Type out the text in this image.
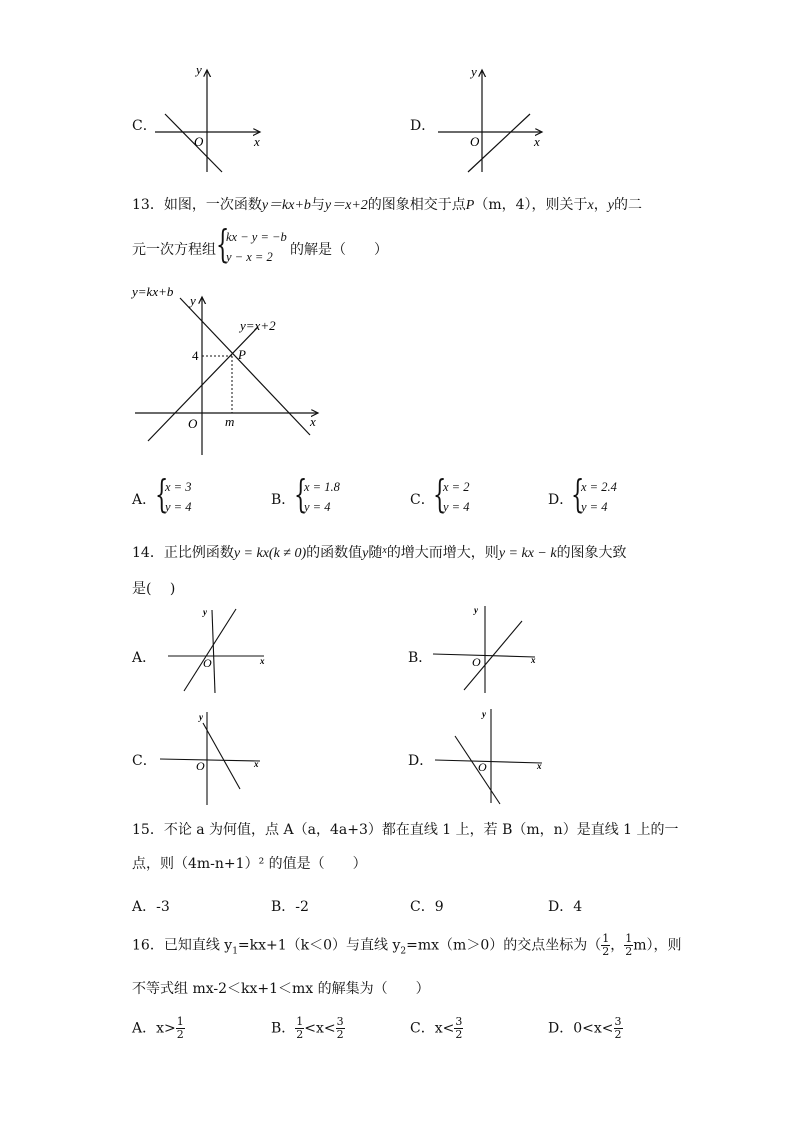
C．
y
x
O
D．
y
x
O
13．如图，一次函数y＝kx+b与y＝x+2的图象相交于点P（m，4），则关于x，y的二
元一次方程组 {
kx − y = −b
y − x = 2	的解是（　　）
y=kx+b
y=x+2
P
4
m	x
y
O
A．
{
x = 3
y = 4	B．
{
x = 1.8
y = 4	C．
{
x = 2
y = 4	D．
{
x = 2.4
y = 4
14．正比例函数y = kx(k ≠ 0)的函数值y随$^x$的增大而增大，则y = kx − k的图象大致
是(　 )
A．
y
x
O	B．
y
x
O
C．
y
x
O	D．
y
x
O
15．不论 a 为何值，点 A（a，4a+3）都在直线 1 上，若 B（m，n）是直线 1 上的一
点，则（4m-n+1）² 的值是（　　）
A．-3	B．-2	C．9	D．4
16．已知直线 $y_1=kx+1(k<0)$与直线 $y_2=mx(m>0)$的交点坐标为（ $\frac{1}{2}$ ， $\frac{1}{2} m$），则
不等式组 mx-2＜kx+1＜mx 的解集为（　　）
A．$x> \frac{1}{2}$	B． $\frac{1}{2} <x< \frac{3}{2}$	C．$x< \frac{3}{2}$	D．$0<x< \frac{3}{2}$
